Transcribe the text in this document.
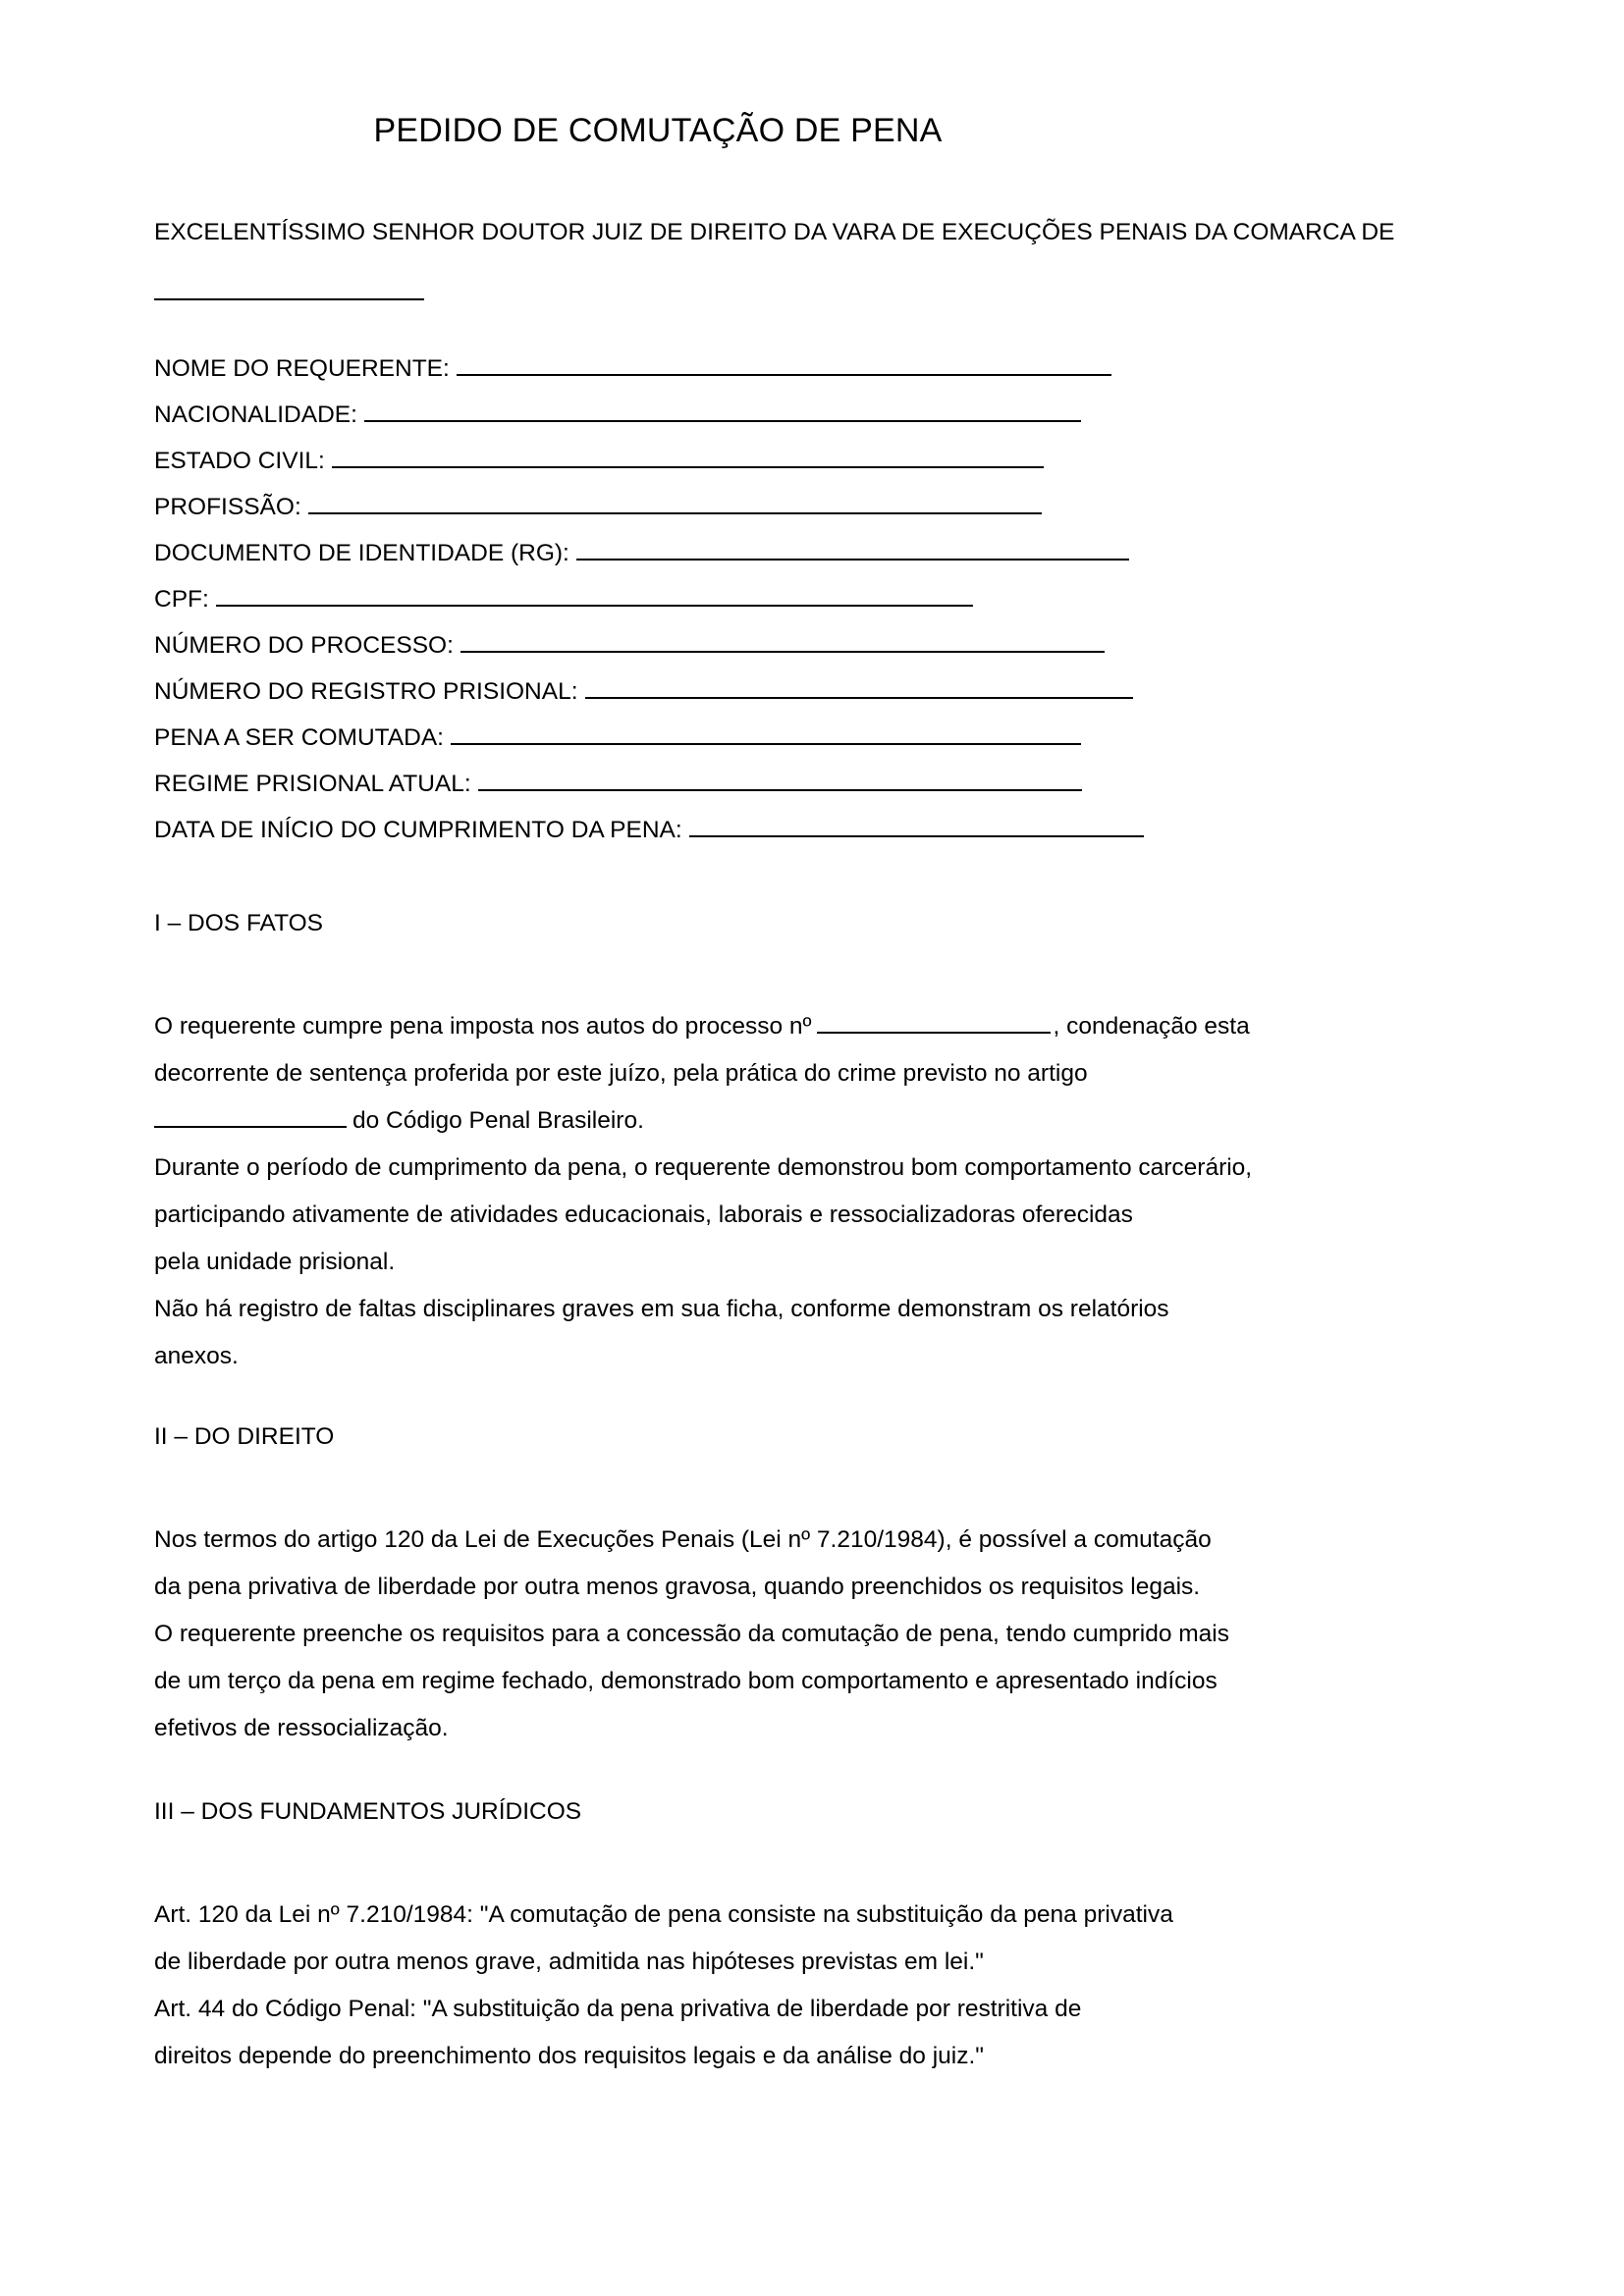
PEDIDO DE COMUTAÇÃO DE PENA
EXCELENTÍSSIMO SENHOR DOUTOR JUIZ DE DIREITO DA VARA DE EXECUÇÕES PENAIS DA COMARCA DE
NOME DO REQUERENTE:
NACIONALIDADE:
ESTADO CIVIL:
PROFISSÃO:
DOCUMENTO DE IDENTIDADE (RG):
CPF:
NÚMERO DO PROCESSO:
NÚMERO DO REGISTRO PRISIONAL:
PENA A SER COMUTADA:
REGIME PRISIONAL ATUAL:
DATA DE INÍCIO DO CUMPRIMENTO DA PENA:
I – DOS FATOS
O requerente cumpre pena imposta nos autos do processo nº	, condenação esta
decorrente de sentença proferida por este juízo, pela prática do crime previsto no artigo
do Código Penal Brasileiro.
Durante o período de cumprimento da pena, o requerente demonstrou bom comportamento carcerário,
participando ativamente de atividades educacionais, laborais e ressocializadoras oferecidas
pela unidade prisional.
Não há registro de faltas disciplinares graves em sua ficha, conforme demonstram os relatórios
anexos.
II – DO DIREITO
Nos termos do artigo 120 da Lei de Execuções Penais (Lei nº 7.210/1984), é possível a comutação
da pena privativa de liberdade por outra menos gravosa, quando preenchidos os requisitos legais.
O requerente preenche os requisitos para a concessão da comutação de pena, tendo cumprido mais
de um terço da pena em regime fechado, demonstrado bom comportamento e apresentado indícios
efetivos de ressocialização.
III – DOS FUNDAMENTOS JURÍDICOS
Art. 120 da Lei nº 7.210/1984: "A comutação de pena consiste na substituição da pena privativa
de liberdade por outra menos grave, admitida nas hipóteses previstas em lei."
Art. 44 do Código Penal: "A substituição da pena privativa de liberdade por restritiva de
direitos depende do preenchimento dos requisitos legais e da análise do juiz."
